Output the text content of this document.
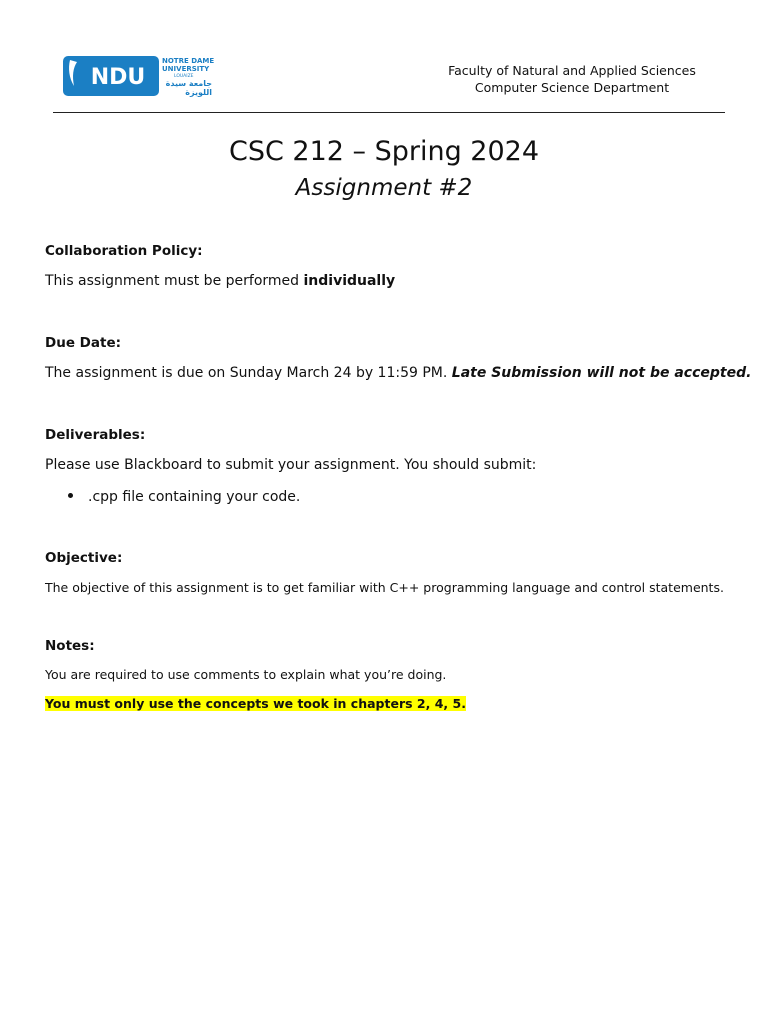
NDU
NOTRE DAME
UNIVERSITY
LOUAIZE
جامعة سيدة
اللويزة
Faculty of Natural and Applied Sciences
Computer Science Department
CSC 212 – Spring 2024
Assignment #2
Collaboration Policy:
This assignment must be performed individually
Due Date:
The assignment is due on Sunday March 24 by 11:59 PM. Late Submission will not be accepted.
Deliverables:
Please use Blackboard to submit your assignment. You should submit:
.cpp file containing your code.
Objective:
The objective of this assignment is to get familiar with C++ programming language and control statements.
Notes:
You are required to use comments to explain what you’re doing.
You must only use the concepts we took in chapters 2, 4, 5.
